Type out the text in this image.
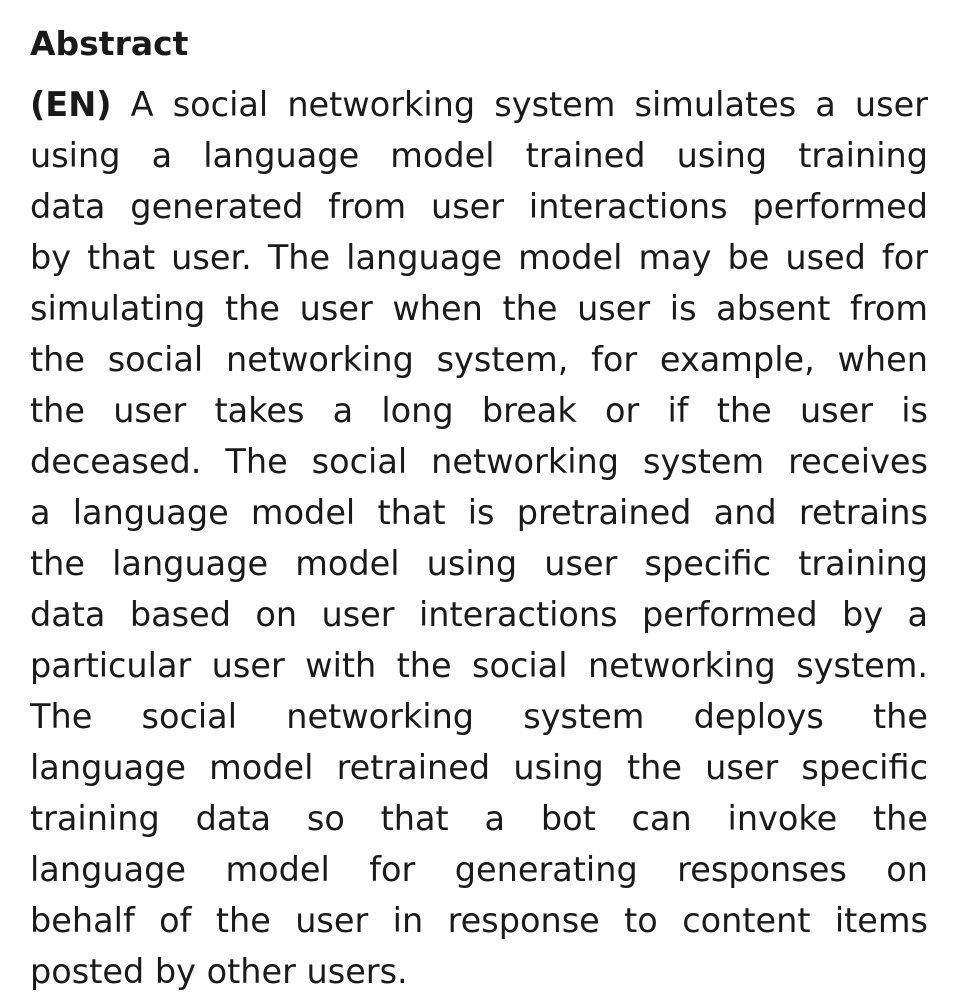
Abstract
(EN) A social networking system simulates a user
using a language model trained using training
data generated from user interactions performed
by that user. The language model may be used for
simulating the user when the user is absent from
the social networking system, for example, when
the user takes a long break or if the user is
deceased. The social networking system receives
a language model that is pretrained and retrains
the language model using user specific training
data based on user interactions performed by a
particular user with the social networking system.
The social networking system deploys the
language model retrained using the user specific
training data so that a bot can invoke the
language model for generating responses on
behalf of the user in response to content items
posted by other users.
